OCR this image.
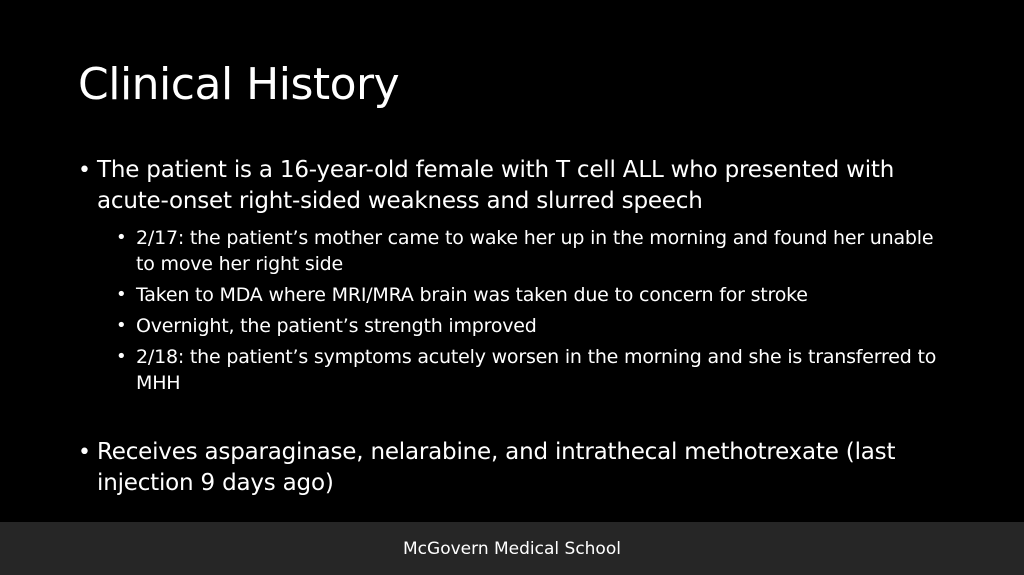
Clinical History
• The patient is a 16-year-old female with T cell ALL who presented with acute-onset right-sided weakness and slurred speech
• 2/17: the patient’s mother came to wake her up in the morning and found her unable to move her right side
• Taken to MDA where MRI/MRA brain was taken due to concern for stroke
• Overnight, the patient’s strength improved
• 2/18: the patient’s symptoms acutely worsen in the morning and she is transferred to MHH
• Receives asparaginase, nelarabine, and intrathecal methotrexate (last injection 9 days ago)
McGovern Medical School
